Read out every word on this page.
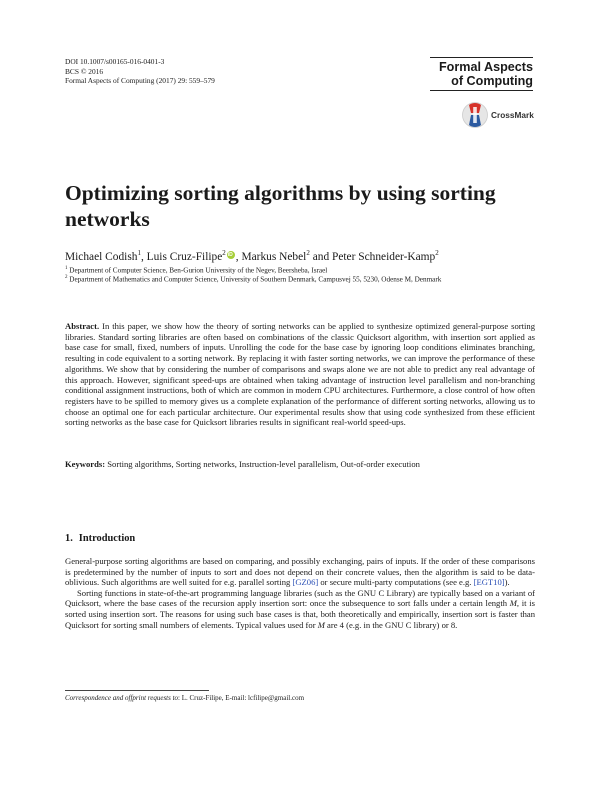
DOI 10.1007/s00165-016-0401-3
BCS © 2016
Formal Aspects of Computing (2017) 29: 559–579
Formal Aspects
of Computing
CrossMark
Optimizing sorting algorithms by using sorting networks
Michael Codish$^1$, Luis Cruz-Filipe$^2$iD , Markus Nebel$^2$ and Peter Schneider-Kamp$^2$
$^1$ Department of Computer Science, Ben-Gurion University of the Negev, Beersheba, Israel
$^2$ Department of Mathematics and Computer Science, University of Southern Denmark, Campusvej 55, 5230, Odense M, Denmark

Abstract. In this paper, we show how the theory of sorting networks can be applied to synthesize optimized general-purpose sorting libraries. Standard sorting libraries are often based on combinations of the classic Quicksort algorithm, with insertion sort applied as base case for small, fixed, numbers of inputs. Unrolling the code for the base case by ignoring loop conditions eliminates branching, resulting in code equivalent to a sorting network. By replacing it with faster sorting networks, we can improve the performance of these algorithms. We show that by considering the number of comparisons and swaps alone we are not able to predict any real advantage of this approach. However, significant speed-ups are obtained when taking advantage of instruction level parallelism and non-branching conditional assignment instructions, both of which are common in modern CPU architectures. Furthermore, a close control of how often registers have to be spilled to memory gives us a complete explanation of the performance of different sorting networks, allowing us to choose an optimal one for each particular architecture. Our experimental results show that using code synthesized from these efficient sorting networks as the base case for Quicksort libraries results in significant real-world speed-ups.

Keywords: Sorting algorithms, Sorting networks, Instruction-level parallelism, Out-of-order execution

1. Introduction

General-purpose sorting algorithms are based on comparing, and possibly exchanging, pairs of inputs. If the order of these comparisons is predetermined by the number of inputs to sort and does not depend on their concrete values, then the algorithm is said to be data-oblivious. Such algorithms are well suited for e.g. parallel sorting [GZ06] or secure multi-party computations (see e.g. [EGT10]).

Sorting functions in state-of-the-art programming language libraries (such as the GNU C Library) are typically based on a variant of Quicksort, where the base cases of the recursion apply insertion sort: once the subsequence to sort falls under a certain length M, it is sorted using insertion sort. The reasons for using such base cases is that, both theoretically and empirically, insertion sort is faster than Quicksort for sorting small numbers of elements. Typical values used for M are 4 (e.g. in the GNU C library) or 8.

Correspondence and offprint requests to: L. Cruz-Filipe, E-mail: lcfilipe@gmail.com
